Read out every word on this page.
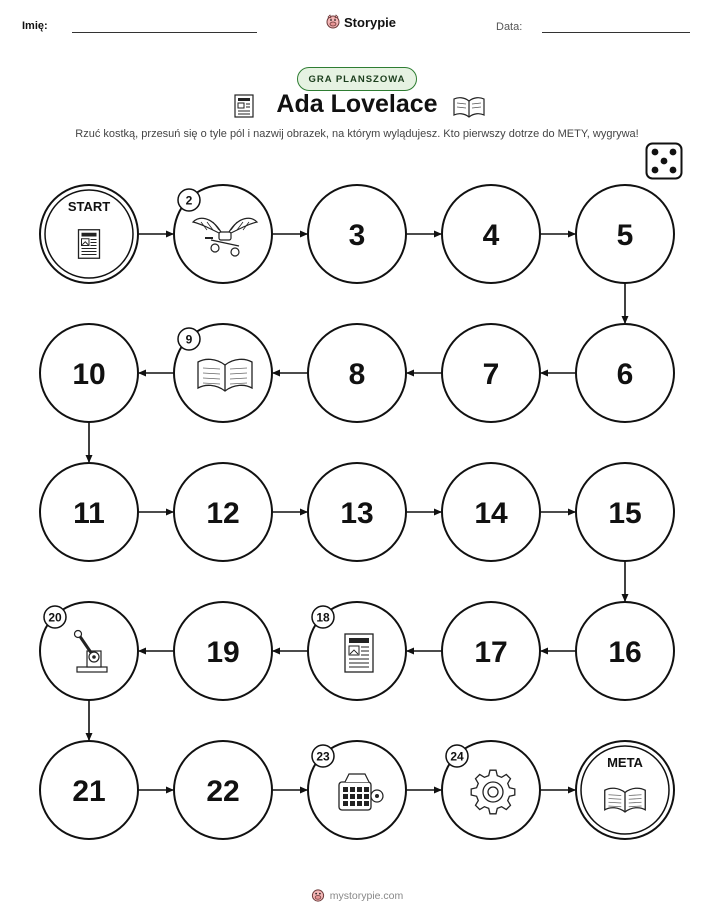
Imię:	Storypie	Data:
GRA PLANSZOWA
Ada Lovelace
Rzuć kostką, przesuń się o tyle pól i nazwij obrazek, na którym wylądujesz. Kto pierwszy dotrze do METY, wygrywa!
START	2
3	4	5
6
7
8
9
10
11	12	13	14	15
16
17
18
19
20
21	22
23	24	META
mystorypie.com
